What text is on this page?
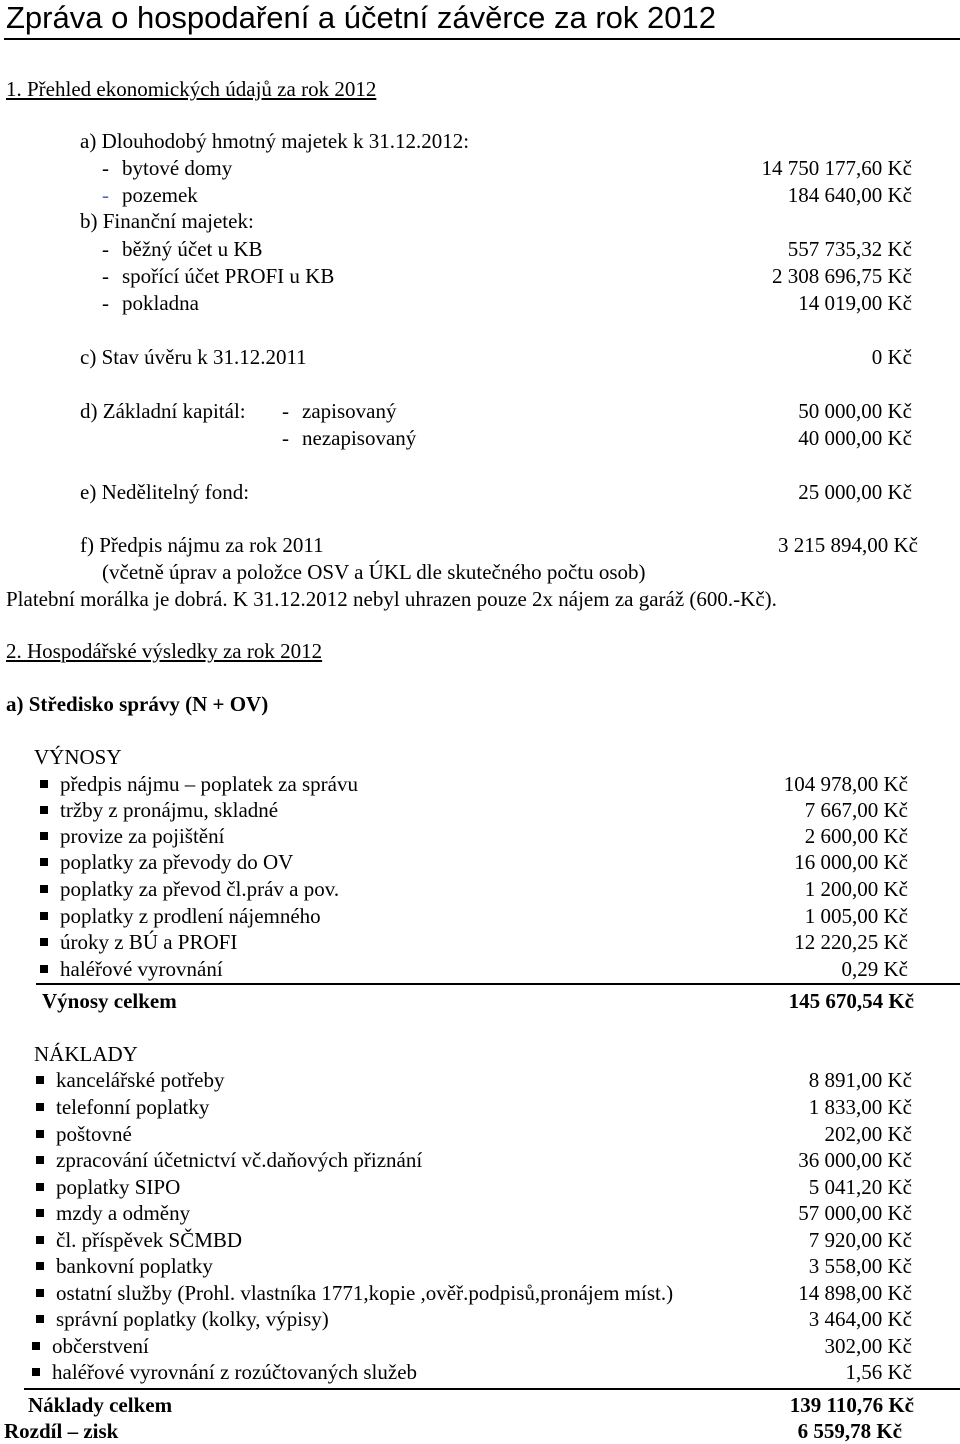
Zpráva o hospodaření a účetní závěrce za rok 2012
1. Přehled ekonomických údajů za rok 2012
a) Dlouhodobý hmotný majetek k 31.12.2012:
- bytové domy	14 750 177,60 Kč
- pozemek	184 640,00 Kč
b) Finanční majetek:
- běžný účet u KB	557 735,32 Kč
- spořící účet PROFI u KB	2 308 696,75 Kč
- pokladna	14 019,00 Kč
c) Stav úvěru k 31.12.2011	0 Kč
d) Základní kapitál: - zapisovaný	50 000,00 Kč
- nezapisovaný	40 000,00 Kč
e) Nedělitelný fond:	25 000,00 Kč
f) Předpis nájmu za rok 2011	3 215 894,00 Kč
(včetně úprav a položce OSV a ÚKL dle skutečného počtu osob)
Platební morálka je dobrá. K 31.12.2012 nebyl uhrazen pouze 2x nájem za garáž (600.-Kč).
2. Hospodářské výsledky za rok 2012
a) Středisko správy (N + OV)
VÝNOSY
předpis nájmu – poplatek za správu	104 978,00 Kč
tržby z pronájmu, skladné	7 667,00 Kč
provize za pojištění	2 600,00 Kč
poplatky za převody do OV	16 000,00 Kč
poplatky za převod čl.práv a pov.	1 200,00 Kč
poplatky z prodlení nájemného	1 005,00 Kč
úroky z BÚ a PROFI	12 220,25 Kč
haléřové vyrovnání	0,29 Kč
Výnosy celkem	145 670,54 Kč
NÁKLADY
kancelářské potřeby	8 891,00 Kč
telefonní poplatky	1 833,00 Kč
poštovné	202,00 Kč
zpracování účetnictví vč.daňových přiznání	36 000,00 Kč
poplatky SIPO	5 041,20 Kč
mzdy a odměny	57 000,00 Kč
čl. příspěvek SČMBD	7 920,00 Kč
bankovní poplatky	3 558,00 Kč
ostatní služby (Prohl. vlastníka 1771,kopie ,ověř.podpisů,pronájem míst.)	14 898,00 Kč
správní poplatky (kolky, výpisy)	3 464,00 Kč
občerstvení	302,00 Kč
haléřové vyrovnání z rozúčtovaných služeb	1,56 Kč
Náklady celkem	139 110,76 Kč
Rozdíl – zisk	6 559,78 Kč
